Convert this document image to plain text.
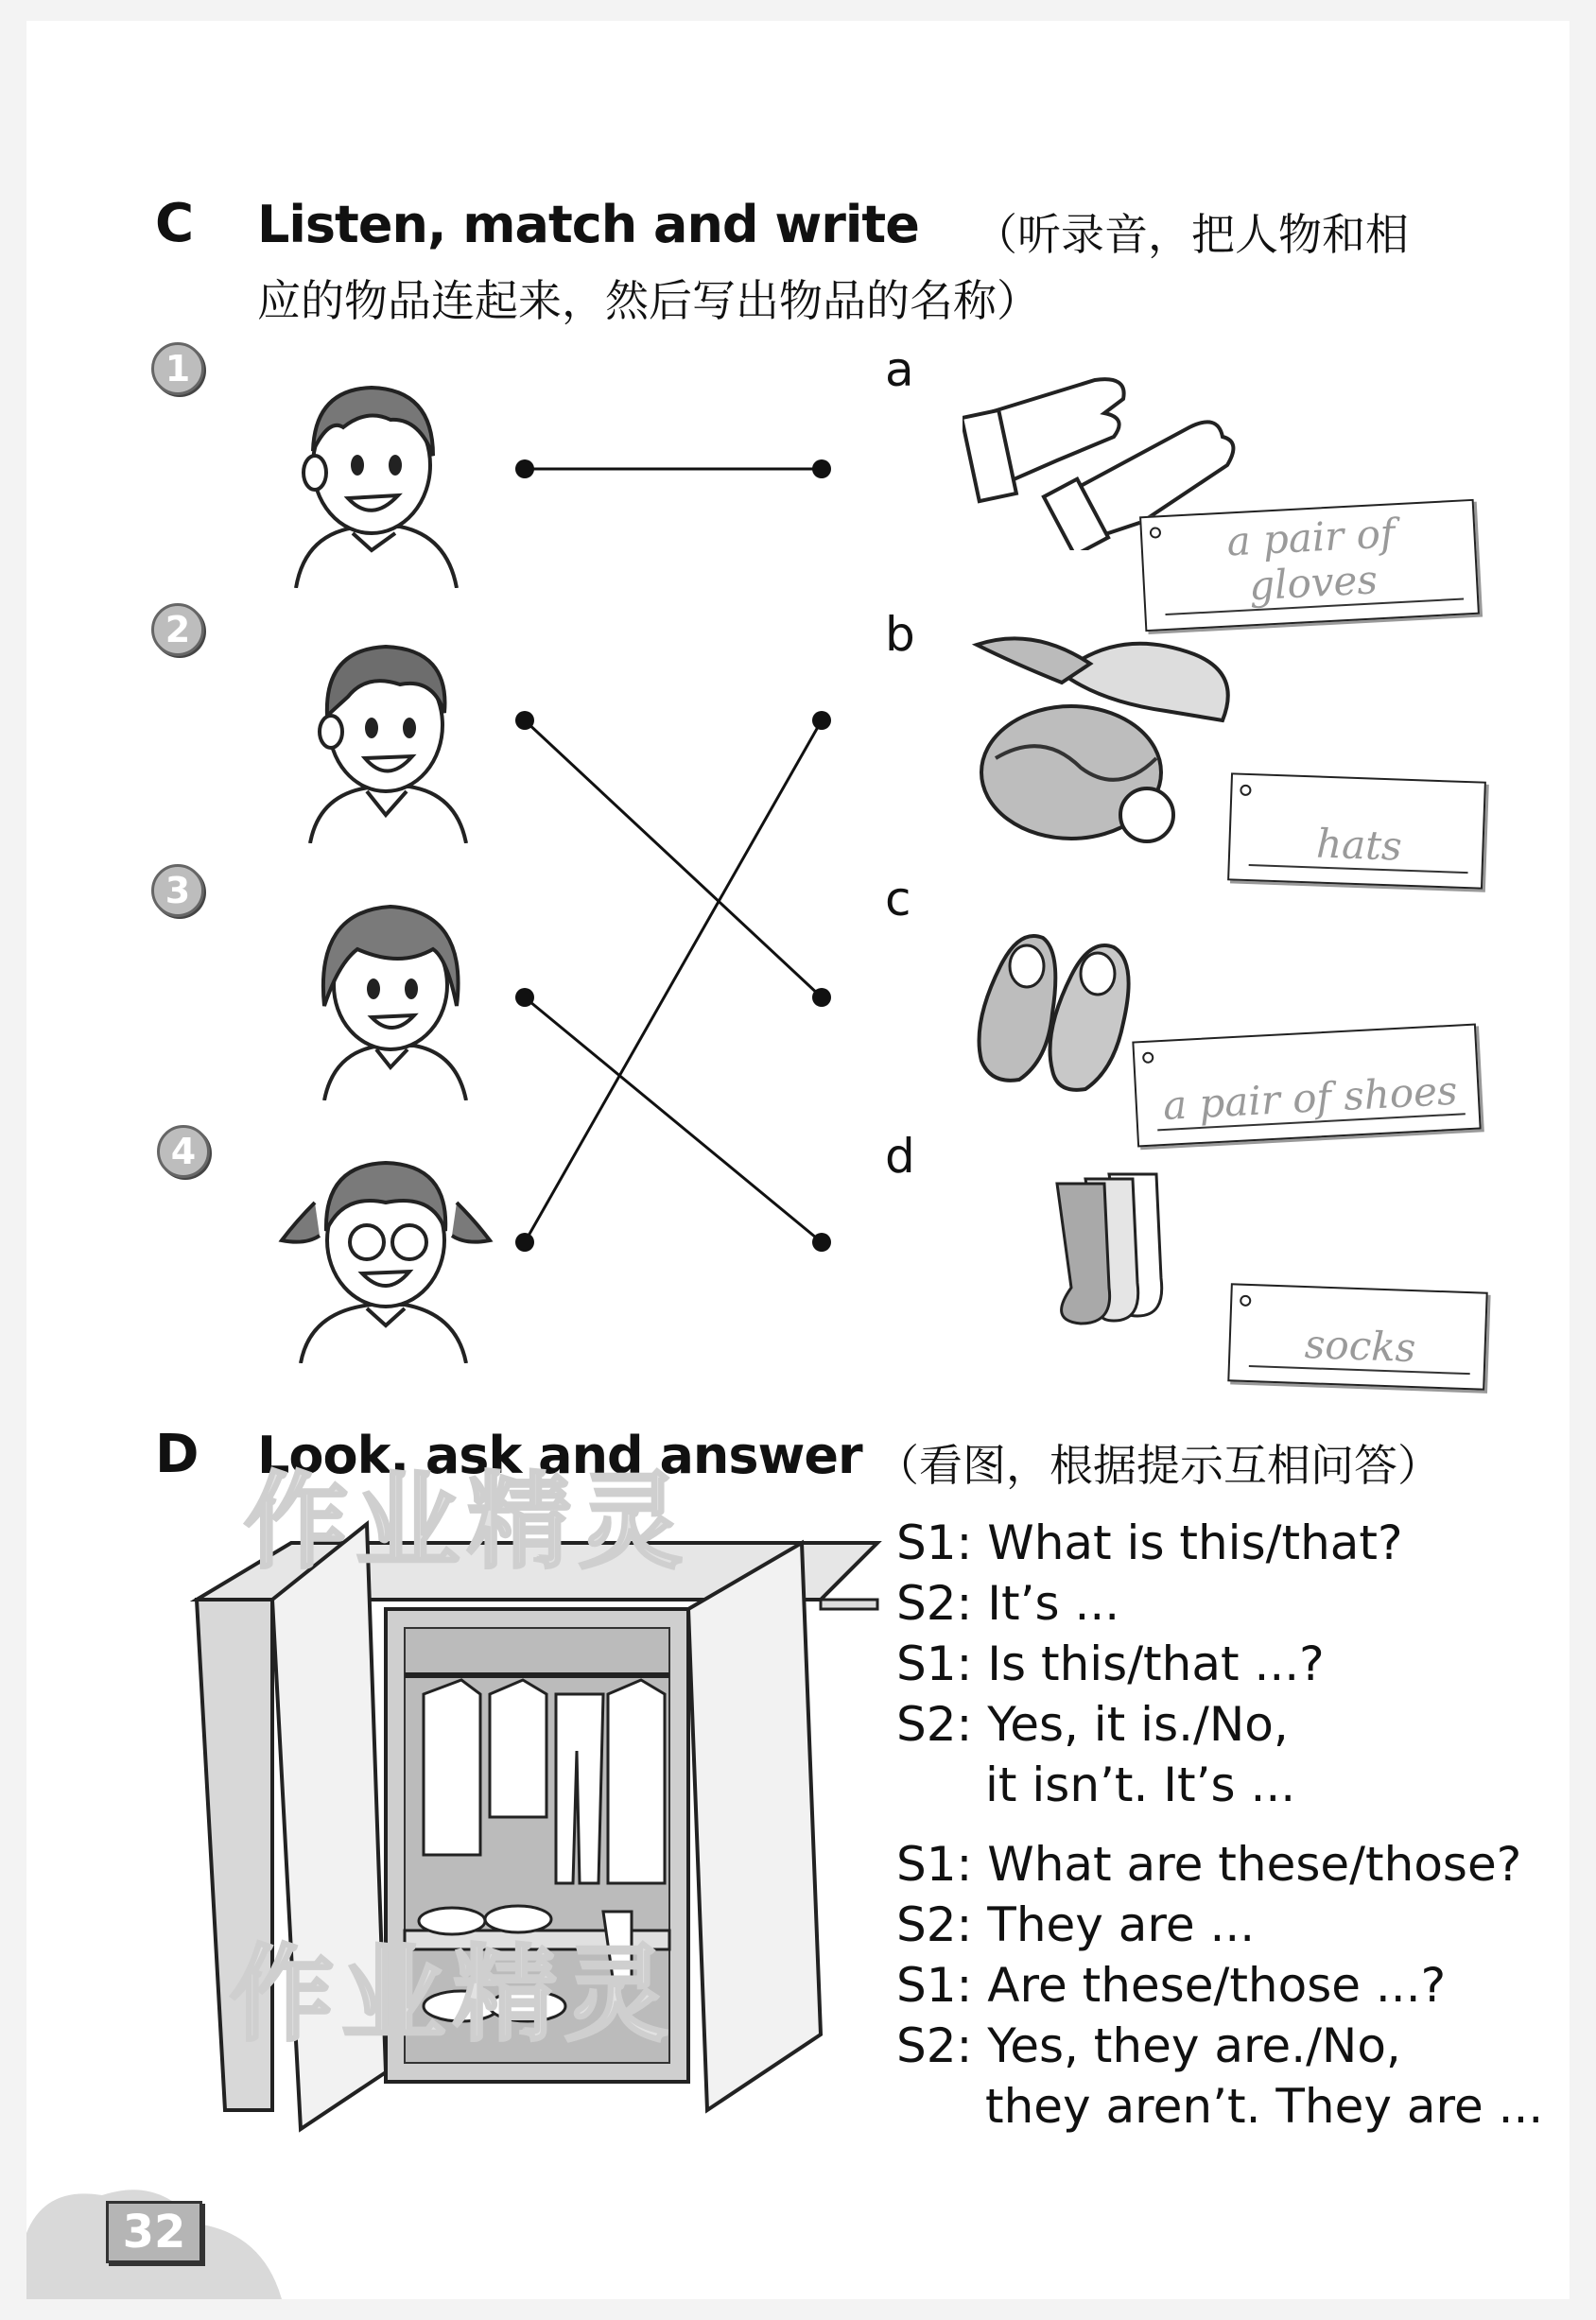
C Listen, match and write （听录音，把人物和相
应的物品连起来，然后写出物品的名称）
1
2
3
4
a
b
c
d
a pair of gloves
hats
a pair of shoes
socks
D Look, ask and answer （看图，根据提示互相问答）
作业精灵
作业精灵
S1: What is this/that?
S2: It’s ...
S1: Is this/that ...?
S2: Yes, it is./No,
it isn’t. It’s ...
S1: What are these/those?
S2: They are ...
S1: Are these/those ...?
S2: Yes, they are./No,
they aren’t. They are ...
32
